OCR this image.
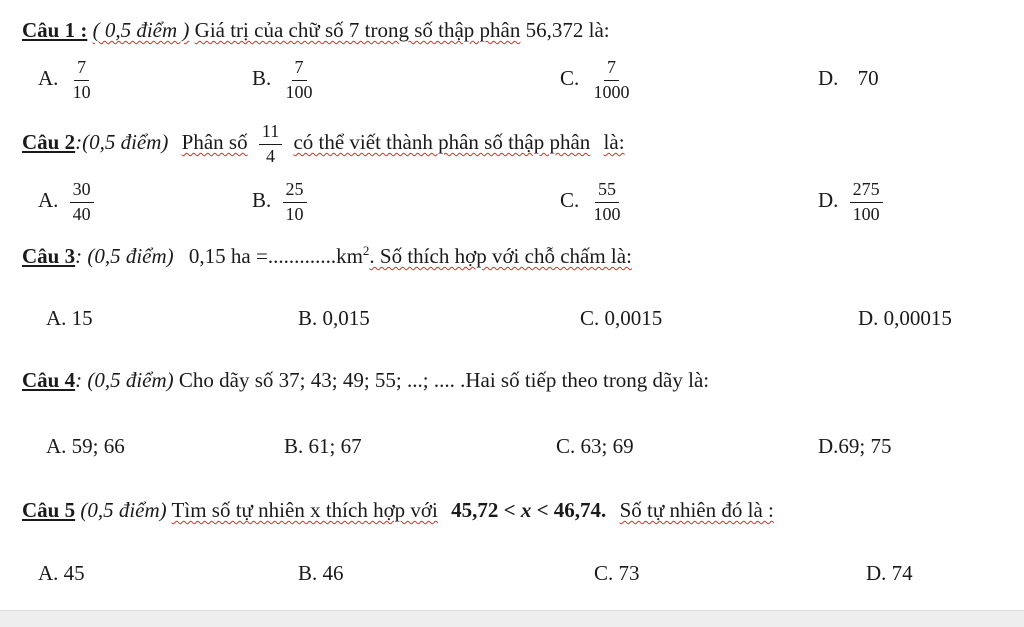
Câu 1 : ( 0,5 điểm ) Giá trị của chữ số 7 trong số thập phân 56,372 là:
A. $\frac{7}{10}$	B. $\frac{7}{100}$	C. $\frac{7}{1000}$	D. 70
Câu 2:(0,5 điểm) Phân số $\frac{11}{4}$ có thể viết thành phân số thập phân là:
A. $\frac{30}{40}$	B. $\frac{25}{10}$	C. $\frac{55}{100}$	D. $\frac{275}{100}$
Câu 3: (0,5 điểm) 0,15 ha $=.............km^2$. Số thích hợp với chỗ chấm là:
A. 15	B. 0,015	C. 0,0015	D. 0,00015
Câu 4: (0,5 điểm) Cho dãy số 37; 43; 49; 55; ...; .... .Hai số tiếp theo trong dãy là:
A. 59; 66	B. 61; 67	C. 63; 69	D.69; 75
Câu 5 (0,5 điểm) Tìm số tự nhiên x thích hợp với 45,72 < x < 46,74. Số tự nhiên đó là :
A. 45	B. 46	C. 73	D. 74
